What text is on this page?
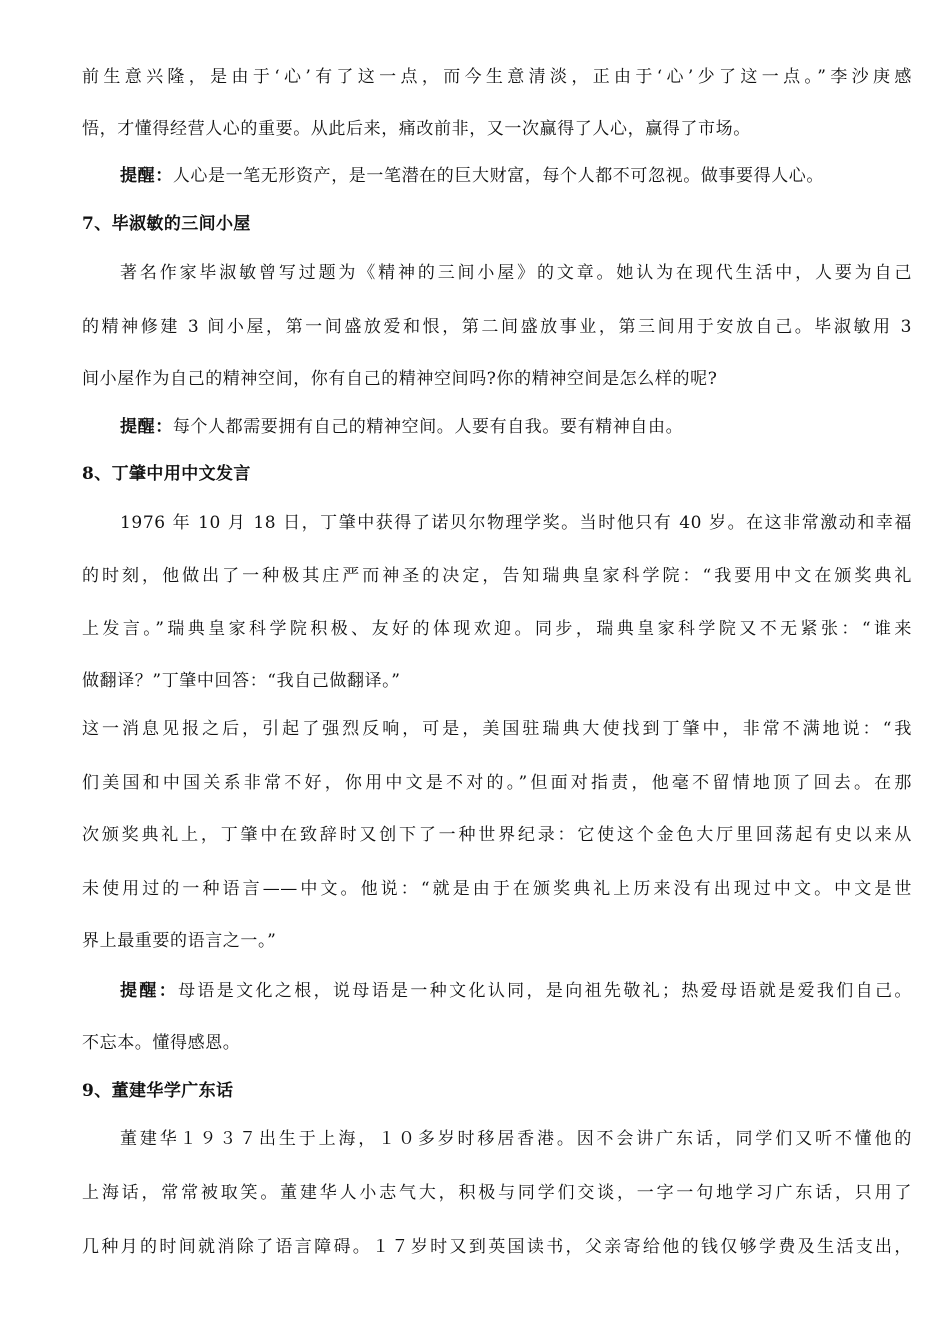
前生意兴隆，是由于‘心’有了这一点，而今生意清淡，正由于‘心’少了这一点。”李沙庚感
悟，才懂得经营人心的重要。从此后来，痛改前非，又一次赢得了人心，赢得了市场。
提醒：人心是一笔无形资产，是一笔潜在的巨大财富，每个人都不可忽视。做事要得人心。
7、毕淑敏的三间小屋
著名作家毕淑敏曾写过题为《精神的三间小屋》的文章。她认为在现代生活中，人要为自己
的精神修建 3 间小屋，第一间盛放爱和恨，第二间盛放事业，第三间用于安放自己。毕淑敏用 3
间小屋作为自己的精神空间，你有自己的精神空间吗?你的精神空间是怎么样的呢?
提醒：每个人都需要拥有自己的精神空间。人要有自我。要有精神自由。
8、丁肇中用中文发言
1976 年 10 月 18 日，丁肇中获得了诺贝尔物理学奖。当时他只有 40 岁。在这非常激动和幸福
的时刻，他做出了一种极其庄严而神圣的决定，告知瑞典皇家科学院：“我要用中文在颁奖典礼
上发言。”瑞典皇家科学院积极、友好的体现欢迎。同步，瑞典皇家科学院又不无紧张：“谁来
做翻译？”丁肇中回答：“我自己做翻译。”
这一消息见报之后，引起了强烈反响，可是，美国驻瑞典大使找到丁肇中，非常不满地说：“我
们美国和中国关系非常不好，你用中文是不对的。”但面对指责，他毫不留情地顶了回去。在那
次颁奖典礼上，丁肇中在致辞时又创下了一种世界纪录：它使这个金色大厅里回荡起有史以来从
未使用过的一种语言——中文。他说：“就是由于在颁奖典礼上历来没有出现过中文。中文是世
界上最重要的语言之一。”
提醒：母语是文化之根，说母语是一种文化认同，是向祖先敬礼；热爱母语就是爱我们自己。
不忘本。懂得感恩。
9、董建华学广东话
董建华１９３７出生于上海，１０多岁时移居香港。因不会讲广东话，同学们又听不懂他的
上海话，常常被取笑。董建华人小志气大，积极与同学们交谈，一字一句地学习广东话，只用了
几种月的时间就消除了语言障碍。１７岁时又到英国读书，父亲寄给他的钱仅够学费及生活支出，
